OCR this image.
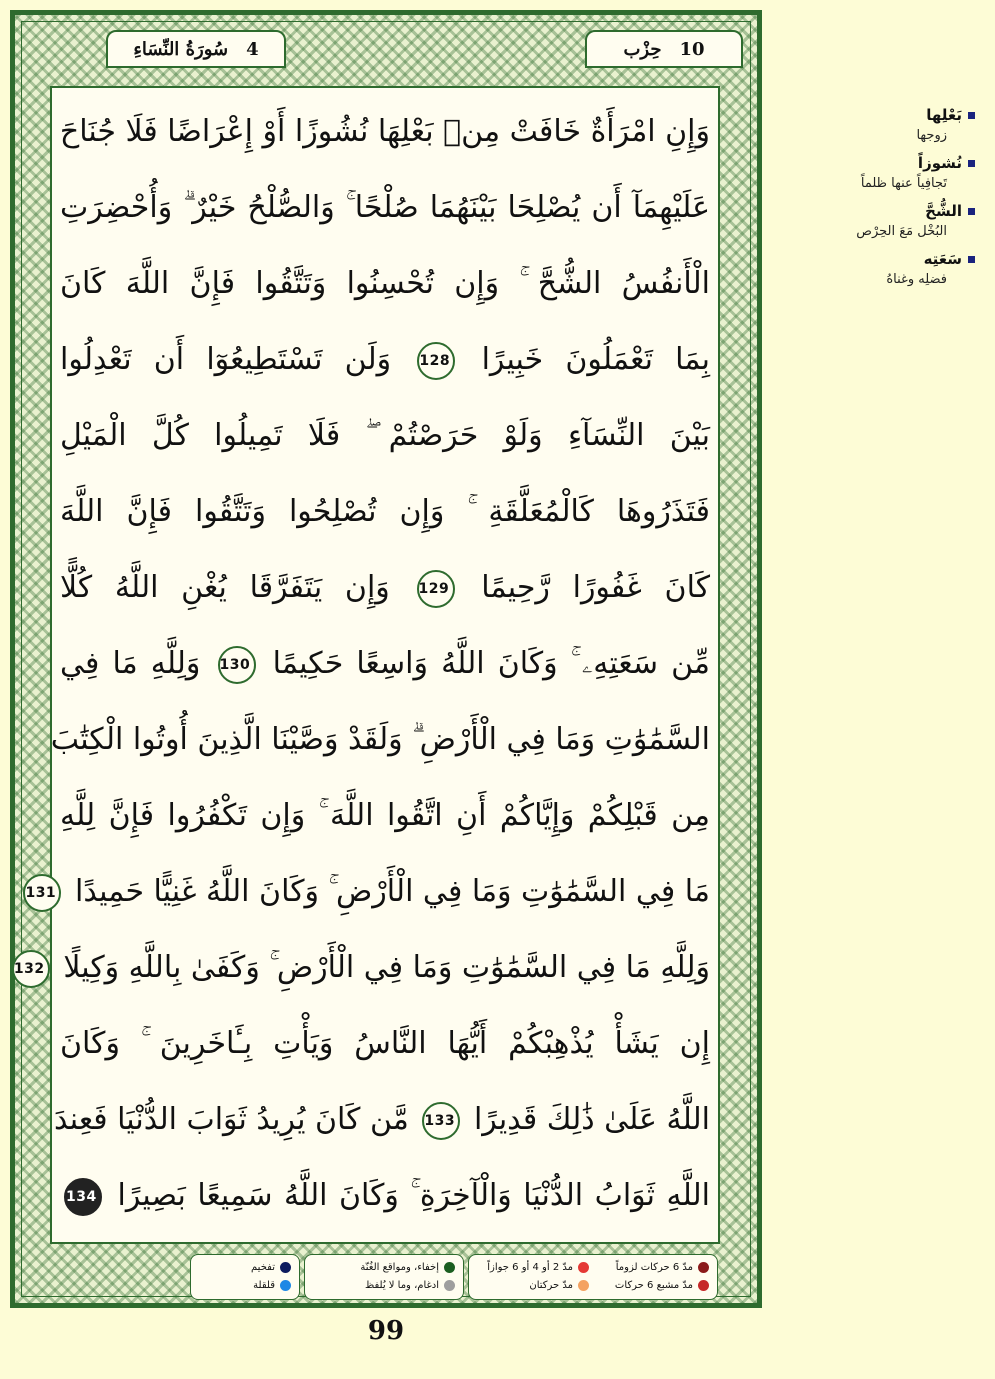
سُورَةُ النِّسَاءِ 4	حِزْب 10
وَإِنِ امْرَأَةٌ خَافَتْ مِنۢ بَعْلِهَا نُشُوزًا أَوْ إِعْرَاضًا فَلَا جُنَاحَ
عَلَيْهِمَآ أَن يُصْلِحَا بَيْنَهُمَا صُلْحًا ۚ وَالصُّلْحُ خَيْرٌ ۗ وَأُحْضِرَتِ
الْأَنفُسُ الشُّحَّ ۚ وَإِن تُحْسِنُوا وَتَتَّقُوا فَإِنَّ اللَّهَ كَانَ
بِمَا تَعْمَلُونَ خَبِيرًا 128 وَلَن تَسْتَطِيعُوٓا أَن تَعْدِلُوا
بَيْنَ النِّسَآءِ وَلَوْ حَرَصْتُمْ ۖ فَلَا تَمِيلُوا كُلَّ الْمَيْلِ
فَتَذَرُوهَا كَالْمُعَلَّقَةِ ۚ وَإِن تُصْلِحُوا وَتَتَّقُوا فَإِنَّ اللَّهَ
كَانَ غَفُورًا رَّحِيمًا 129 وَإِن يَتَفَرَّقَا يُغْنِ اللَّهُ كُلًّا
مِّن سَعَتِهِۦ ۚ وَكَانَ اللَّهُ وَاسِعًا حَكِيمًا 130 وَلِلَّهِ مَا فِي
السَّمَٰوَٰتِ وَمَا فِي الْأَرْضِ ۗ وَلَقَدْ وَصَّيْنَا الَّذِينَ أُوتُوا الْكِتَٰبَ
مِن قَبْلِكُمْ وَإِيَّاكُمْ أَنِ اتَّقُوا اللَّهَ ۚ وَإِن تَكْفُرُوا فَإِنَّ لِلَّهِ
مَا فِي السَّمَٰوَٰتِ وَمَا فِي الْأَرْضِ ۚ وَكَانَ اللَّهُ غَنِيًّا حَمِيدًا 131
وَلِلَّهِ مَا فِي السَّمَٰوَٰتِ وَمَا فِي الْأَرْضِ ۚ وَكَفَىٰ بِاللَّهِ وَكِيلًا 132
إِن يَشَأْ يُذْهِبْكُمْ أَيُّهَا النَّاسُ وَيَأْتِ بِـَٔاخَرِينَ ۚ وَكَانَ
اللَّهُ عَلَىٰ ذَٰلِكَ قَدِيرًا 133 مَّن كَانَ يُرِيدُ ثَوَابَ الدُّنْيَا فَعِندَ
اللَّهِ ثَوَابُ الدُّنْيَا وَالْآخِرَةِ ۚ وَكَانَ اللَّهُ سَمِيعًا بَصِيرًا 134
مدّ 6 حركات لزوماً
مدّ 2 أو 4 أو 6 جوازاً
مدّ مشبع 6 حركات
مدّ حركتان
إخفاء، ومواقع الغُنّة
ادغام، وما لا يُلفظ
تفخيم
قلقلة
99
بَعْلِها
زوجها
نُشوزاً
تَجافِياً عنها ظلماً
الشُّحَّ
البُخْل مَعَ الحِرْص
سَعَتِه
فضلِه وغناهُ
